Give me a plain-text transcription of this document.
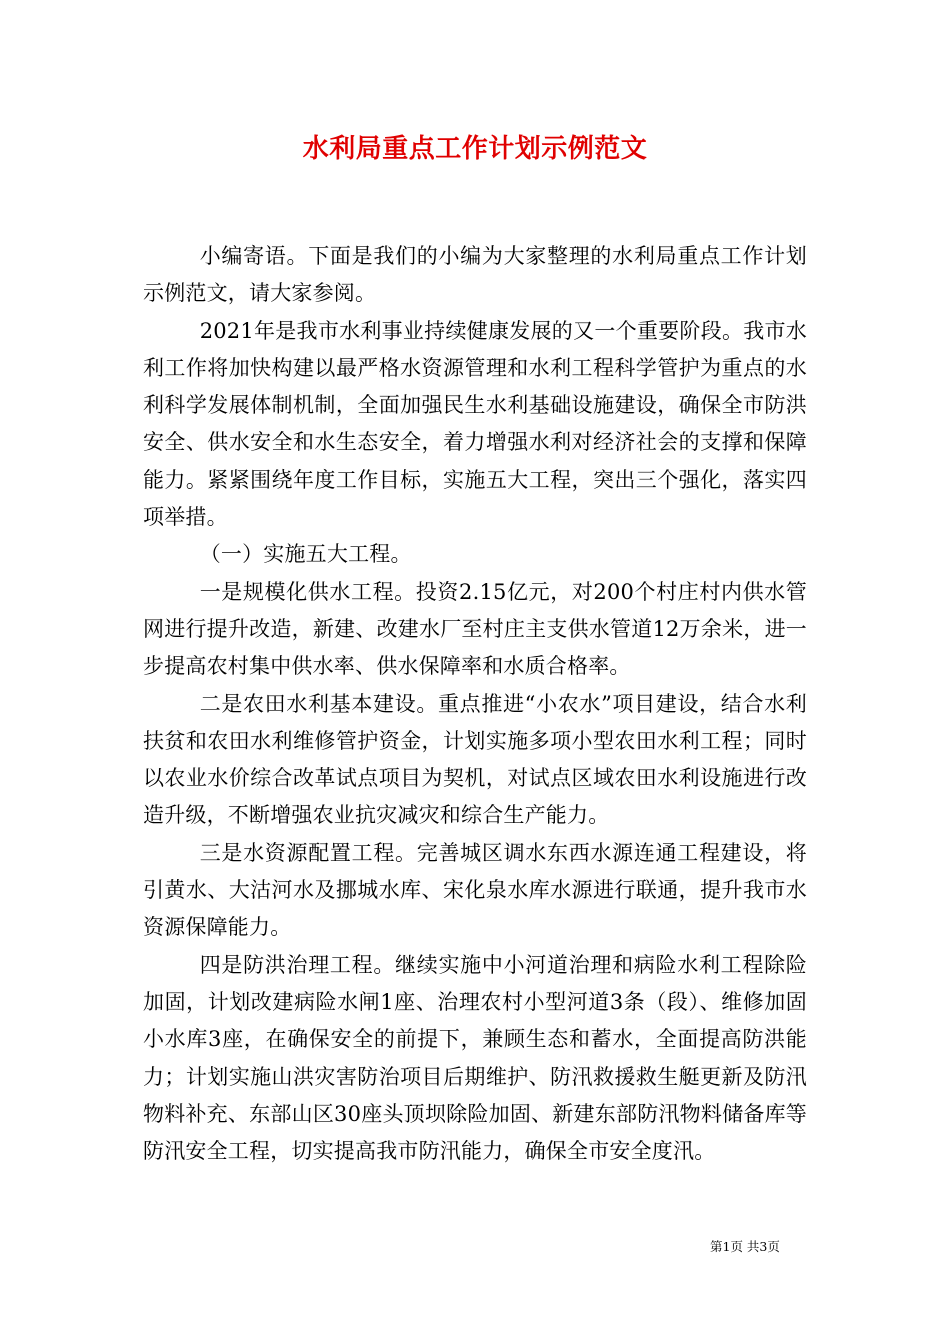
水利局重点工作计划示例范文

小编寄语。下面是我们的小编为大家整理的水利局重点工作计划示例范文，请大家参阅。

2021年是我市水利事业持续健康发展的又一个重要阶段。我市水利工作将加快构建以最严格水资源管理和水利工程科学管护为重点的水利科学发展体制机制，全面加强民生水利基础设施建设，确保全市防洪安全、供水安全和水生态安全，着力增强水利对经济社会的支撑和保障能力。紧紧围绕年度工作目标，实施五大工程，突出三个强化，落实四项举措。

（一）实施五大工程。

一是规模化供水工程。投资2.15亿元，对200个村庄村内供水管网进行提升改造，新建、改建水厂至村庄主支供水管道12万余米，进一步提高农村集中供水率、供水保障率和水质合格率。

二是农田水利基本建设。重点推进“小农水”项目建设，结合水利扶贫和农田水利维修管护资金，计划实施多项小型农田水利工程；同时以农业水价综合改革试点项目为契机，对试点区域农田水利设施进行改造升级，不断增强农业抗灾减灾和综合生产能力。

三是水资源配置工程。完善城区调水东西水源连通工程建设，将引黄水、大沽河水及挪城水库、宋化泉水库水源进行联通，提升我市水资源保障能力。

四是防洪治理工程。继续实施中小河道治理和病险水利工程除险加固，计划改建病险水闸1座、治理农村小型河道3条（段）、维修加固小水库3座，在确保安全的前提下，兼顾生态和蓄水，全面提高防洪能力；计划实施山洪灾害防治项目后期维护、防汛救援救生艇更新及防汛物料补充、东部山区30座头顶坝除险加固、新建东部防汛物料储备库等防汛安全工程，切实提高我市防汛能力，确保全市安全度汛。

第1页 共3页
